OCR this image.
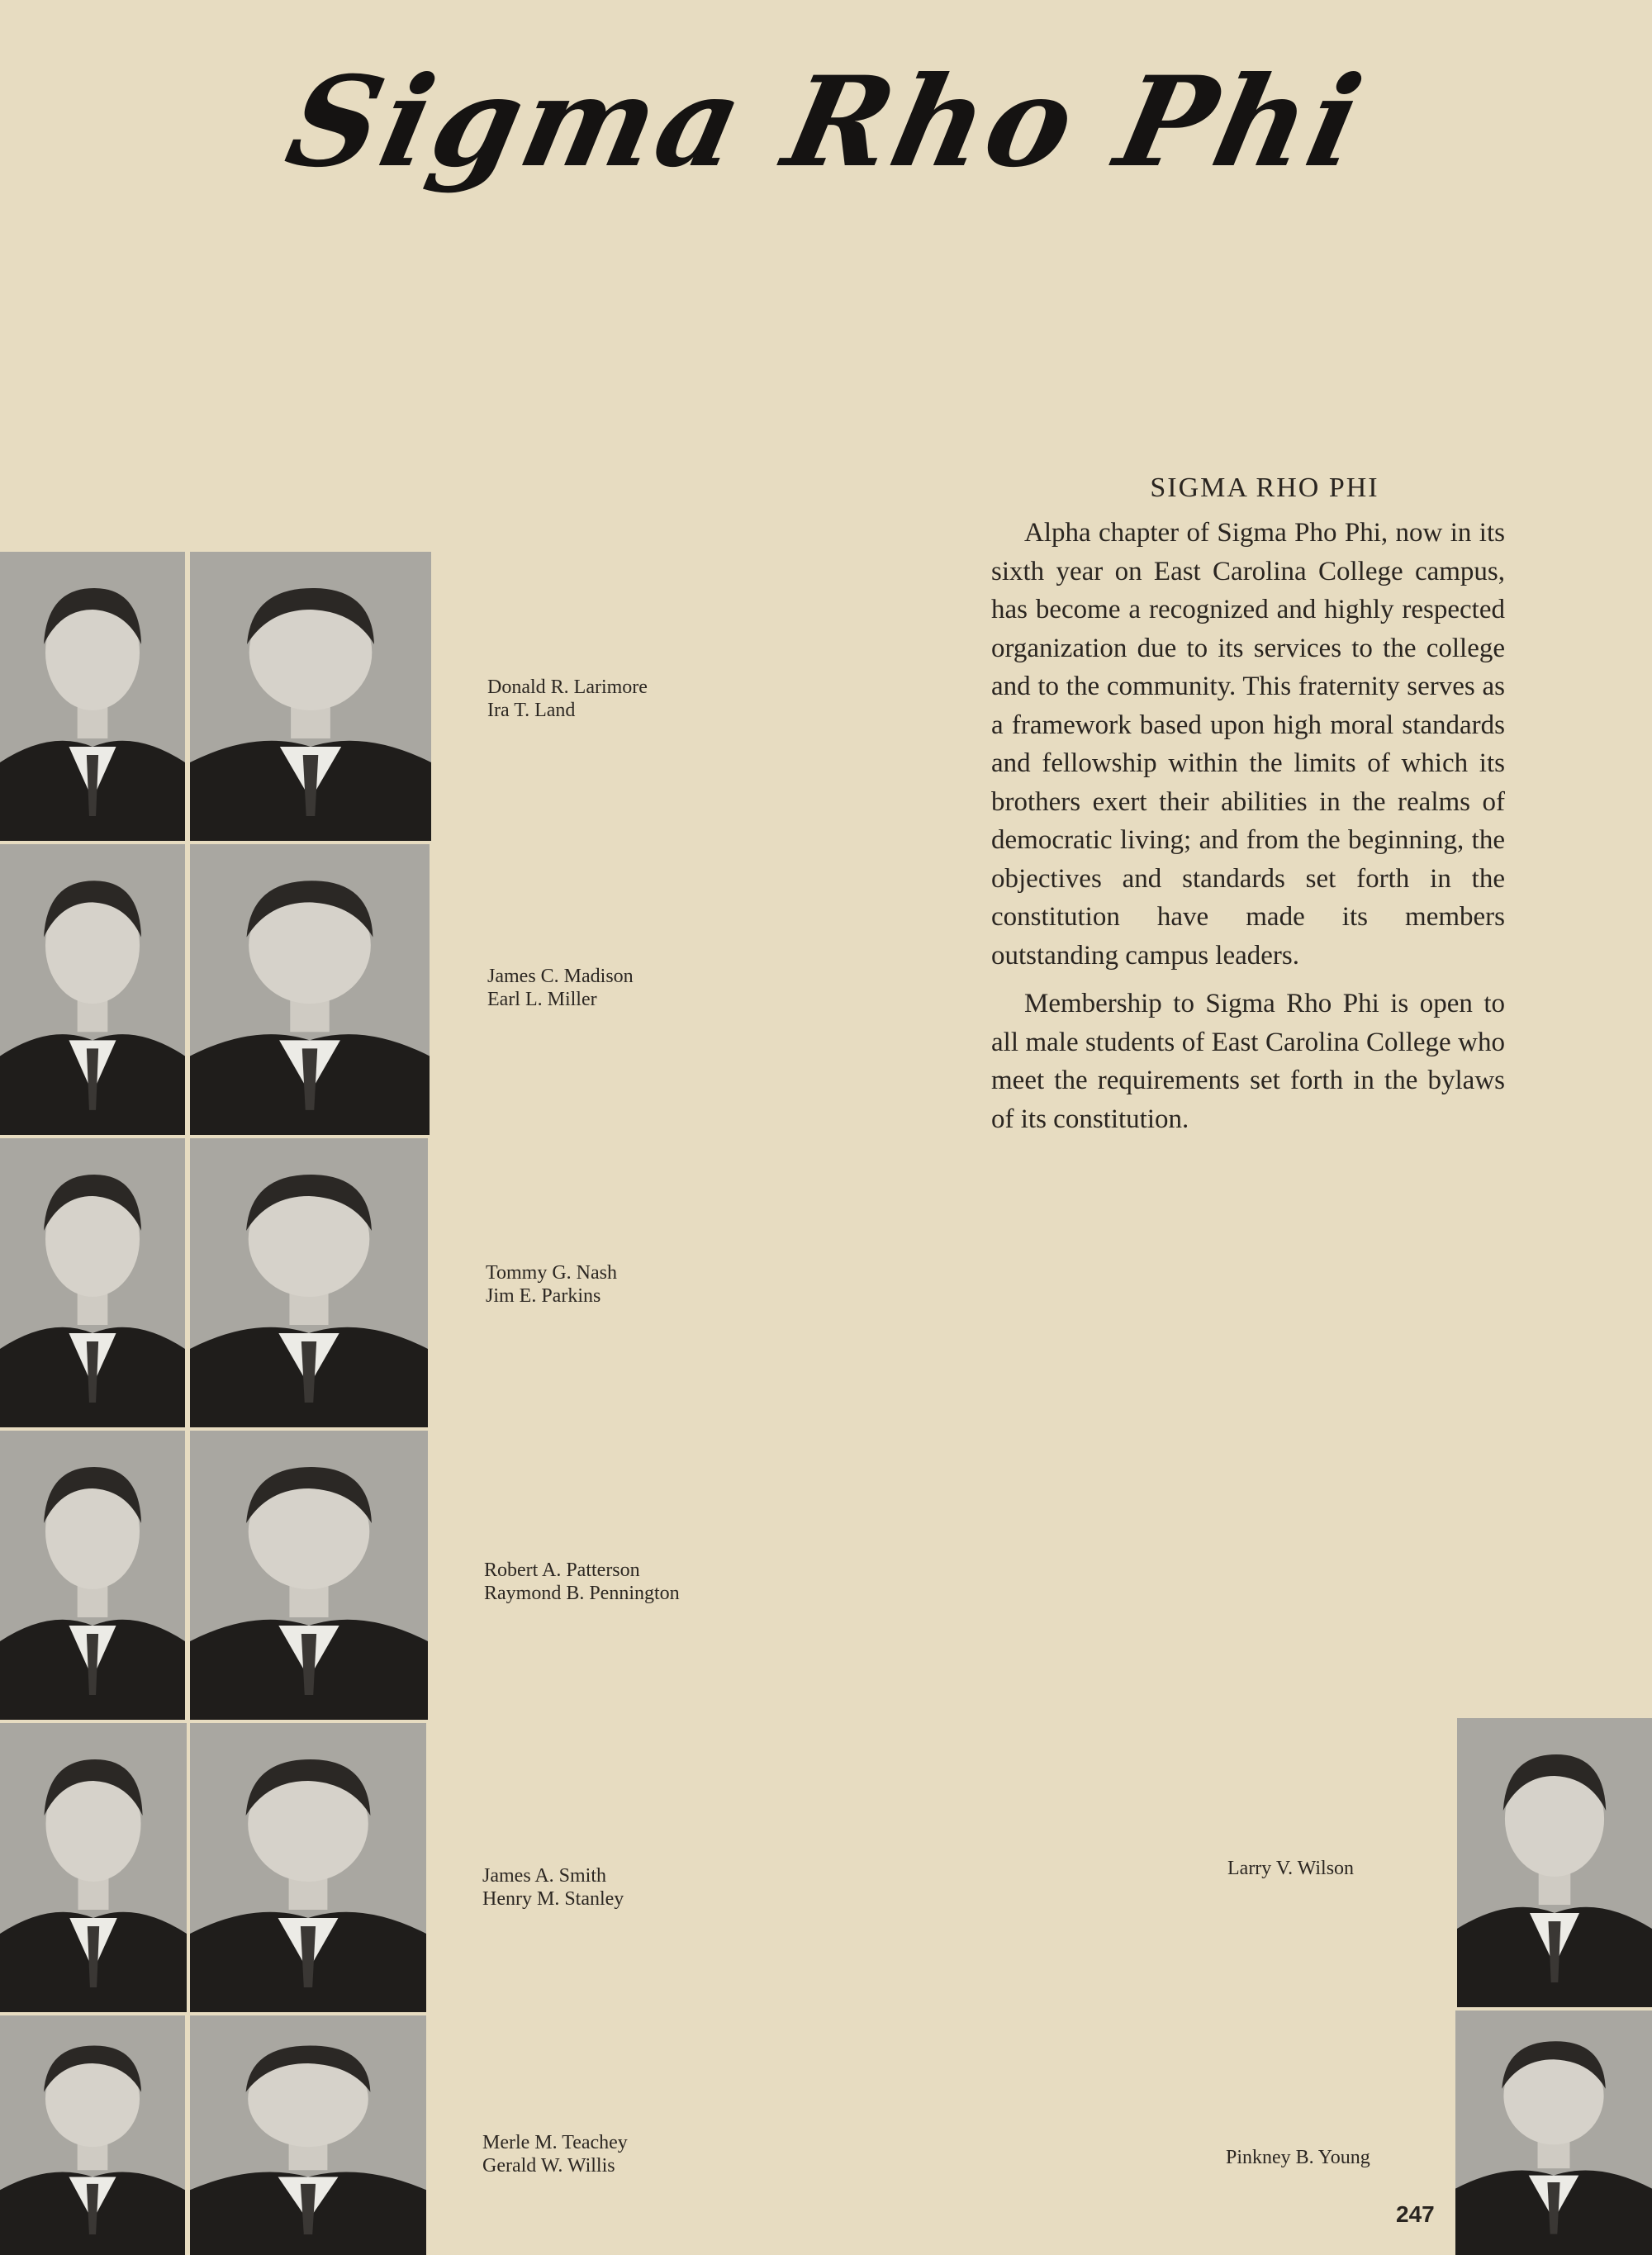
Sigma Rho Phi
Donald R. Larimore
Ira T. Land
James C. Madison
Earl L. Miller
Tommy G. Nash
Jim E. Parkins
Robert A. Patterson
Raymond B. Pennington
James A. Smith
Henry M. Stanley
Merle M. Teachey
Gerald W. Willis
SIGMA RHO PHI

Alpha chapter of Sigma Pho Phi, now in its sixth year on East Carolina College campus, has become a recognized and highly respected organization due to its services to the college and to the community. This fraternity serves as a framework based upon high moral standards and fellowship within the limits of which its brothers exert their abilities in the realms of democratic living; and from the beginning, the objectives and standards set forth in the constitution have made its members outstanding campus leaders.

Membership to Sigma Rho Phi is open to all male students of East Carolina College who meet the requirements set forth in the bylaws of its constitution.

Larry V. Wilson
Pinkney B. Young
247
